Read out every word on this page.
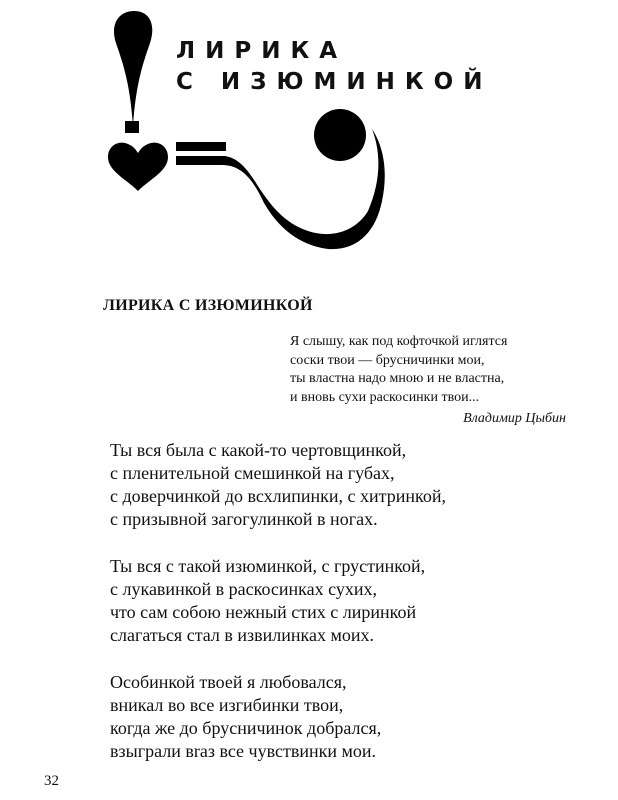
ЛИРИКА
С ИЗЮМИНКОЙ
ЛИРИКА С ИЗЮМИНКОЙ
Я слышу, как под кофточкой иглятся
соски твои — брусничинки мои,
ты властна надо мною и не властна,
и вновь сухи раскосинки твои...

Владимир Цыбин

Ты вся была с какой-то чертовщинкой,
с пленительной смешинкой на губах,
с доверчинкой до всхлипинки, с хитринкой,
с призывной загогулинкой в ногах.
Ты вся с такой изюминкой, с грустинкой,
с лукавинкой в раскосинках сухих,
что сам собою нежный стих с лиринкой
слагаться стал в извилинках моих.
Особинкой твоей я любовался,
вникал во все изгибинки твои,
когда же до брусничинок добрался,
взыграли вraз все чувствинки мои.

32
